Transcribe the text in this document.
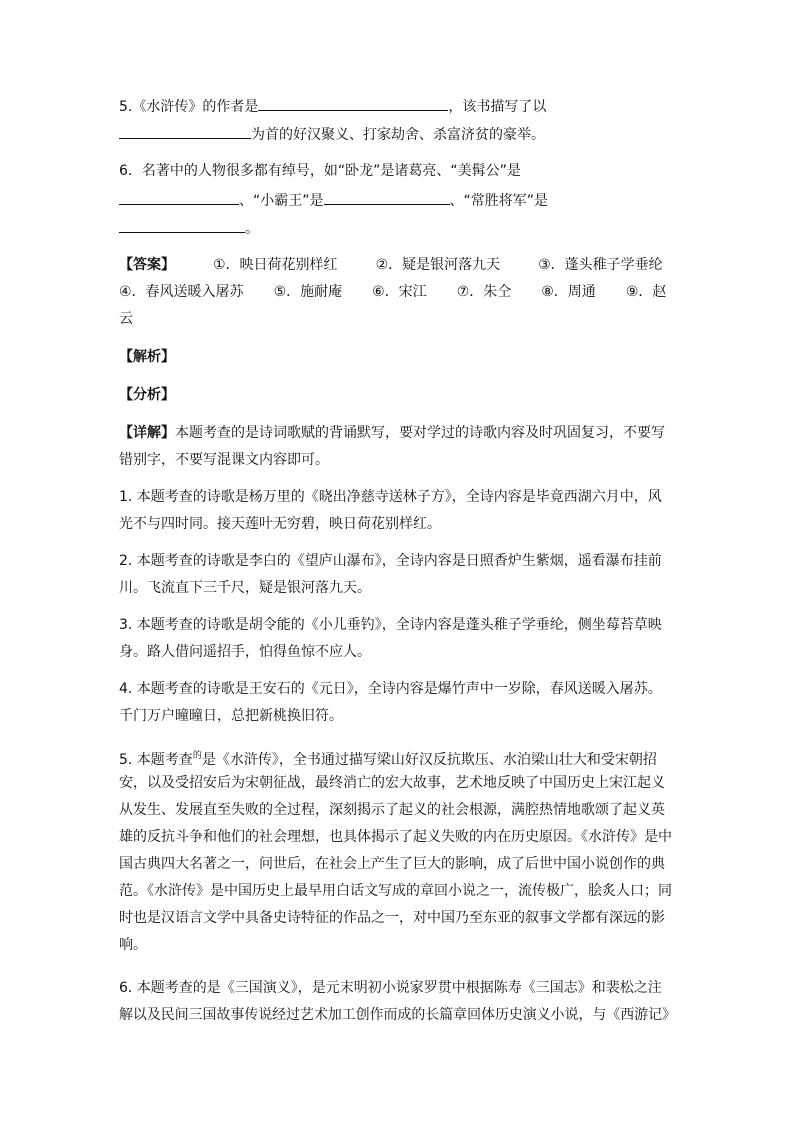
5.《水浒传》的作者是	，该书描写了以
为首的好汉聚义、打家劫舍、杀富济贫的豪举。
6．名著中的人物很多都有绰号，如“卧龙”是诸葛亮、“美髯公”是
、“小霸王”是	、“常胜将军”是
。
【答案】	①．映日荷花别样红	②．疑是银河落九天	③．蓬头稚子学垂纶
④．春风送暖入屠苏 ⑤．施耐庵 ⑥．宋江 ⑦．朱仝 ⑧．周通 ⑨．赵
云
【解析】
【分析】
【详解】本题考查的是诗词歌赋的背诵默写，要对学过的诗歌内容及时巩固复习，不要写
错别字，不要写混课文内容即可。
1. 本题考查的诗歌是杨万里的《晓出净慈寺送林子方》，全诗内容是毕竟西湖六月中，风
光不与四时同。接天莲叶无穷碧，映日荷花别样红。
2. 本题考查的诗歌是李白的《望庐山瀑布》，全诗内容是日照香炉生紫烟，遥看瀑布挂前
川。飞流直下三千尺，疑是银河落九天。
3. 本题考查的诗歌是胡令能的《小儿垂钓》，全诗内容是蓬头稚子学垂纶，侧坐莓苔草映
身。路人借问遥招手，怕得鱼惊不应人。
4. 本题考查的诗歌是王安石的《元日》，全诗内容是爆竹声中一岁除，春风送暖入屠苏。
千门万户曈曈日，总把新桃换旧符。
5. 本题考查$^的$是《水浒传》，全书通过描写梁山好汉反抗欺压、水泊梁山壮大和受宋朝招
安，以及受招安后为宋朝征战，最终消亡的宏大故事，艺术地反映了中国历史上宋江起义
从发生、发展直至失败的全过程，深刻揭示了起义的社会根源，满腔热情地歌颂了起义英
雄的反抗斗争和他们的社会理想，也具体揭示了起义失败的内在历史原因。《水浒传》是中
国古典四大名著之一，问世后，在社会上产生了巨大的影响，成了后世中国小说创作的典
范。《水浒传》是中国历史上最早用白话文写成的章回小说之一，流传极广，脍炙人口；同
时也是汉语言文学中具备史诗特征的作品之一，对中国乃至东亚的叙事文学都有深远的影
响。
6. 本题考查的是《三国演义》，是元末明初小说家罗贯中根据陈寿《三国志》和裴松之注
解以及民间三国故事传说经过艺术加工创作而成的长篇章回体历史演义小说，与《西游记》
